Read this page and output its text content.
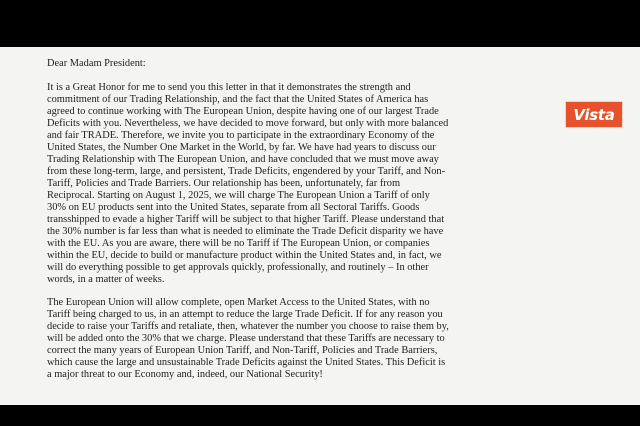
Dear Madam President:
It is a Great Honor for me to send you this letter in that it demonstrates the strength and
commitment of our Trading Relationship, and the fact that the United States of America has
agreed to continue working with The European Union, despite having one of our largest Trade
Deficits with you. Nevertheless, we have decided to move forward, but only with more balanced
and fair TRADE. Therefore, we invite you to participate in the extraordinary Economy of the
United States, the Number One Market in the World, by far. We have had years to discuss our
Trading Relationship with The European Union, and have concluded that we must move away
from these long-term, large, and persistent, Trade Deficits, engendered by your Tariff, and Non-
Tariff, Policies and Trade Barriers. Our relationship has been, unfortunately, far from
Reciprocal. Starting on August 1, 2025, we will charge The European Union a Tariff of only
30% on EU products sent into the United States, separate from all Sectoral Tariffs. Goods
transshipped to evade a higher Tariff will be subject to that higher Tariff. Please understand that
the 30% number is far less than what is needed to eliminate the Trade Deficit disparity we have
with the EU. As you are aware, there will be no Tariff if The European Union, or companies
within the EU, decide to build or manufacture product within the United States and, in fact, we
will do everything possible to get approvals quickly, professionally, and routinely – In other
words, in a matter of weeks.
The European Union will allow complete, open Market Access to the United States, with no
Tariff being charged to us, in an attempt to reduce the large Trade Deficit. If for any reason you
decide to raise your Tariffs and retaliate, then, whatever the number you choose to raise them by,
will be added onto the 30% that we charge. Please understand that these Tariffs are necessary to
correct the many years of European Union Tariff, and Non-Tariff, Policies and Trade Barriers,
which cause the large and unsustainable Trade Deficits against the United States. This Deficit is
a major threat to our Economy and, indeed, our National Security!
Vista
